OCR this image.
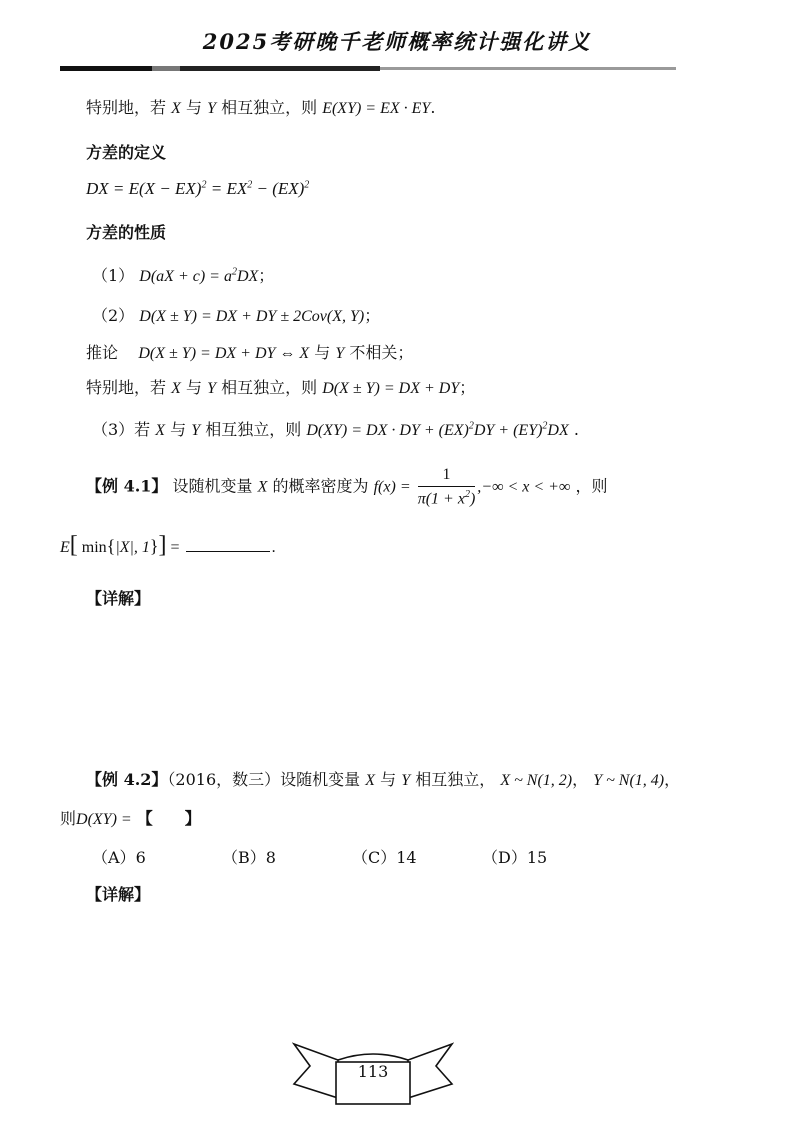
2025考研晚千老师概率统计强化讲义
特别地，若 X 与 Y 相互独立，则 E(XY) = EX · EY.
方差的定义
DX = $E(X - EX)^2 = EX^2 - (EX)^2$
方差的性质
（1） $D(aX + c) = a^2DX$；
（2） D(X ± Y) = DX + DY ± 2Cov(X, Y)；
推论 D(X ± Y) = DX + DY ⇔ X 与 Y 不相关；
特别地，若 X 与 Y 相互独立，则 D(X ± Y) = DX + DY；
（3）若 X 与 Y 相互独立，则 D(XY) = DX · DY + (EX)$^2$DY + (EY)$^2$DX .
【例 4.1】 设随机变量 X 的概率密度为 $f(x) = \frac{1}{\pi(1 + x^2)}$ ,−∞ < x < +∞ ，则
E[ min{|X|, 1}] =	.
【详解】
【例 4.2】（2016，数三）设随机变量 X 与 Y 相互独立， X ~ N(1, 2)， Y ~ N(1, 4)，
则D(XY) = 【　　】
（A）6	（B）8	（C）14	（D）15
【详解】
113
